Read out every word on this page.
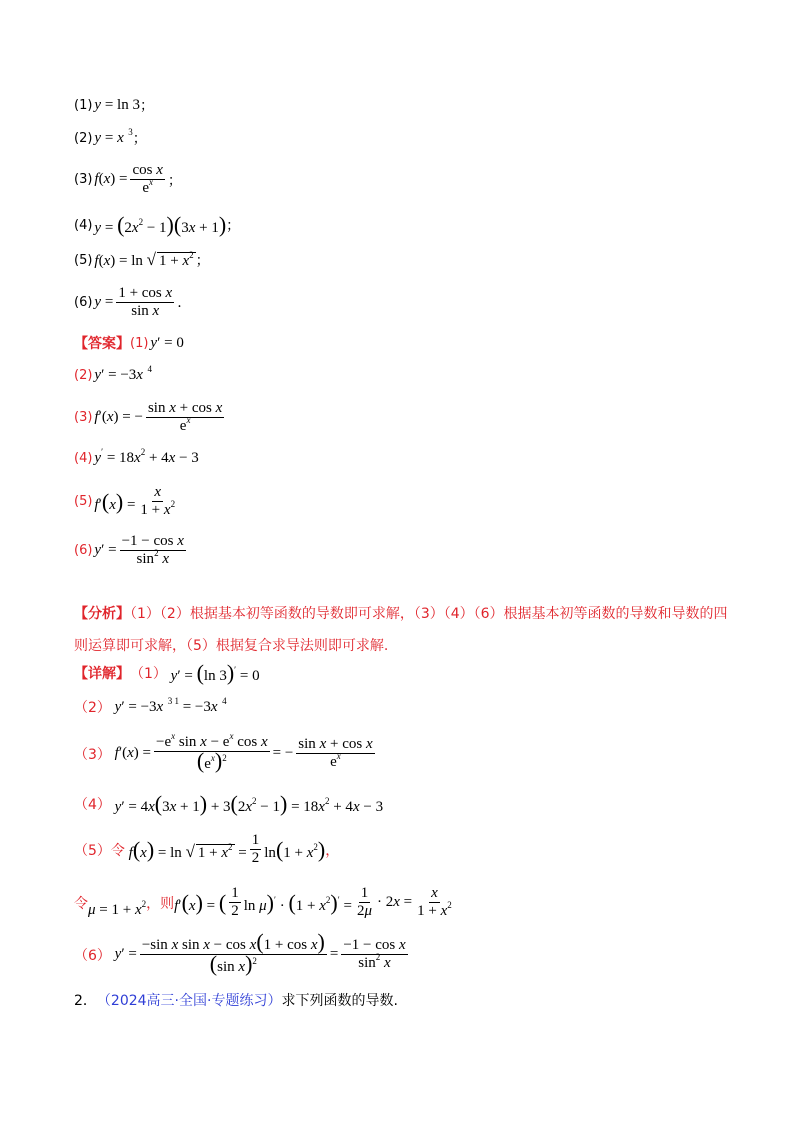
(1) y = ln 3 ；
(2) y = x  $^3$ ；
(3) $f(x) = \frac{\text{cos x}}{e^x}$ ；
(4) $y = (2x^2 - 1)(3x + 1)$ ；
(5) f(x) = ln √ $1 + x^2$ ；
(6) $y = \frac{\text{1 + cos x}}{\text{sin x}}$ .
【答案】 (1) y′ = 0
(2) y′ = −3x  $^4$
(3) f′(x) = − $\frac{\text{sin x + cos x}}{e^x}$
(4) $y' = 18x^2 + 4x - 3$
(5) $f'(x) = \frac{x}{1 + x^2}$
(6) $y' = \frac{\text{−1 − cos x}}{\sin^2 x}$
【分析】（1）（2）根据基本初等函数的导数即可求解，（3）（4）（6）根据基本初等函数的导数和导数的四则运算即可求解，（5）根据复合求导法则即可求解.
【详解】 （1） y′ = (ln 3)′ = 0
（2） y′ = −3x  $^{3 1}$ = −3x  $^4$
（3） $f'(x) = \frac{-e^x \sin x - e^x \cos x}{(e^x)^2}$ = − $\frac{\text{sin x + cos x}}{e^x}$
（4） $y' = 4x(3x + 1) + 3(2x^2 - 1) = 18x^2 + 4x - 3$
（5）令 f(x) = ln √ $1 + x^2 = \frac{1}{2} \ln(1 + x^2)$ ，
令 $\mu = 1 + x^2$ ，则 f′(x) = ( $\frac{1}{2}$ $\ln \mu)' \cdot (1 + x^2)' = \frac{1}{2\mu} \cdot 2x = \frac{x}{1 + x^2}$
（6） $y' = \frac{\text{−sin x sin x − cos x(1 + cos x)}}{(\sin x)^2} = \frac{\text{−1 − cos x}}{\sin^2 x}$
2． （2024高三·全国·专题练习） 求下列函数的导数.
